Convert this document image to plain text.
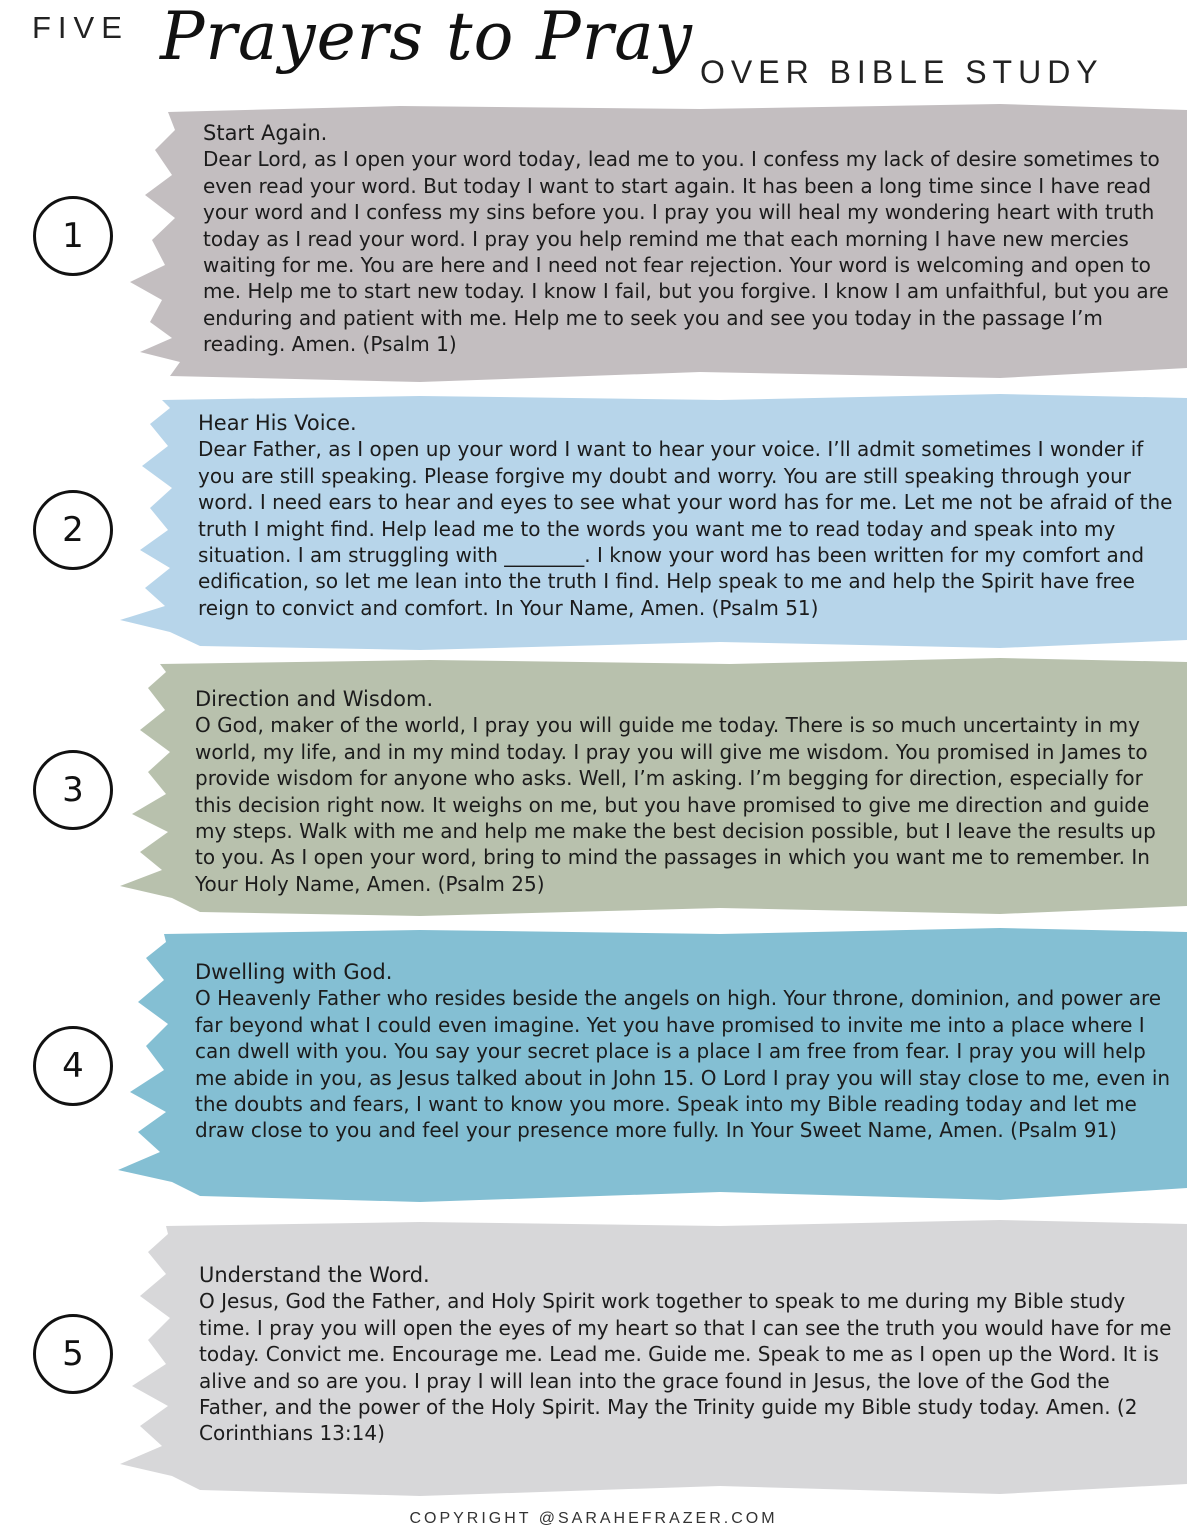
FIVE Prayers to Pray OVER BIBLE STUDY
1
Start Again.
Dear Lord, as I open your word today, lead me to you. I confess my lack of desire sometimes to even read your word. But today I want to start again. It has been a long time since I have read your word and I confess my sins before you. I pray you will heal my wondering heart with truth today as I read your word. I pray you help remind me that each morning I have new mercies waiting for me. You are here and I need not fear rejection. Your word is welcoming and open to me. Help me to start new today. I know I fail, but you forgive. I know I am unfaithful, but you are enduring and patient with me. Help me to seek you and see you today in the passage I’m reading. Amen. (Psalm 1)
2
Hear His Voice.
Dear Father, as I open up your word I want to hear your voice. I’ll admit sometimes I wonder if you are still speaking. Please forgive my doubt and worry. You are still speaking through your word. I need ears to hear and eyes to see what your word has for me. Let me not be afraid of the truth I might find. Help lead me to the words you want me to read today and speak into my situation. I am struggling with ________. I know your word has been written for my comfort and edification, so let me lean into the truth I find. Help speak to me and help the Spirit have free reign to convict and comfort. In Your Name, Amen. (Psalm 51)
3
Direction and Wisdom.
O God, maker of the world, I pray you will guide me today. There is so much uncertainty in my world, my life, and in my mind today. I pray you will give me wisdom. You promised in James to provide wisdom for anyone who asks. Well, I’m asking. I’m begging for direction, especially for this decision right now. It weighs on me, but you have promised to give me direction and guide my steps. Walk with me and help me make the best decision possible, but I leave the results up to you. As I open your word, bring to mind the passages in which you want me to remember. In Your Holy Name, Amen. (Psalm 25)
4
Dwelling with God.
O Heavenly Father who resides beside the angels on high. Your throne, dominion, and power are far beyond what I could even imagine. Yet you have promised to invite me into a place where I can dwell with you. You say your secret place is a place I am free from fear. I pray you will help me abide in you, as Jesus talked about in John 15. O Lord I pray you will stay close to me, even in the doubts and fears, I want to know you more. Speak into my Bible reading today and let me draw close to you and feel your presence more fully. In Your Sweet Name, Amen. (Psalm 91)
5
Understand the Word.
O Jesus, God the Father, and Holy Spirit work together to speak to me during my Bible study time. I pray you will open the eyes of my heart so that I can see the truth you would have for me today. Convict me. Encourage me. Lead me. Guide me. Speak to me as I open up the Word. It is alive and so are you. I pray I will lean into the grace found in Jesus, the love of the God the Father, and the power of the Holy Spirit. May the Trinity guide my Bible study today. Amen. (2 Corinthians 13:14)
COPYRIGHT @SARAHEFRAZER.COM
